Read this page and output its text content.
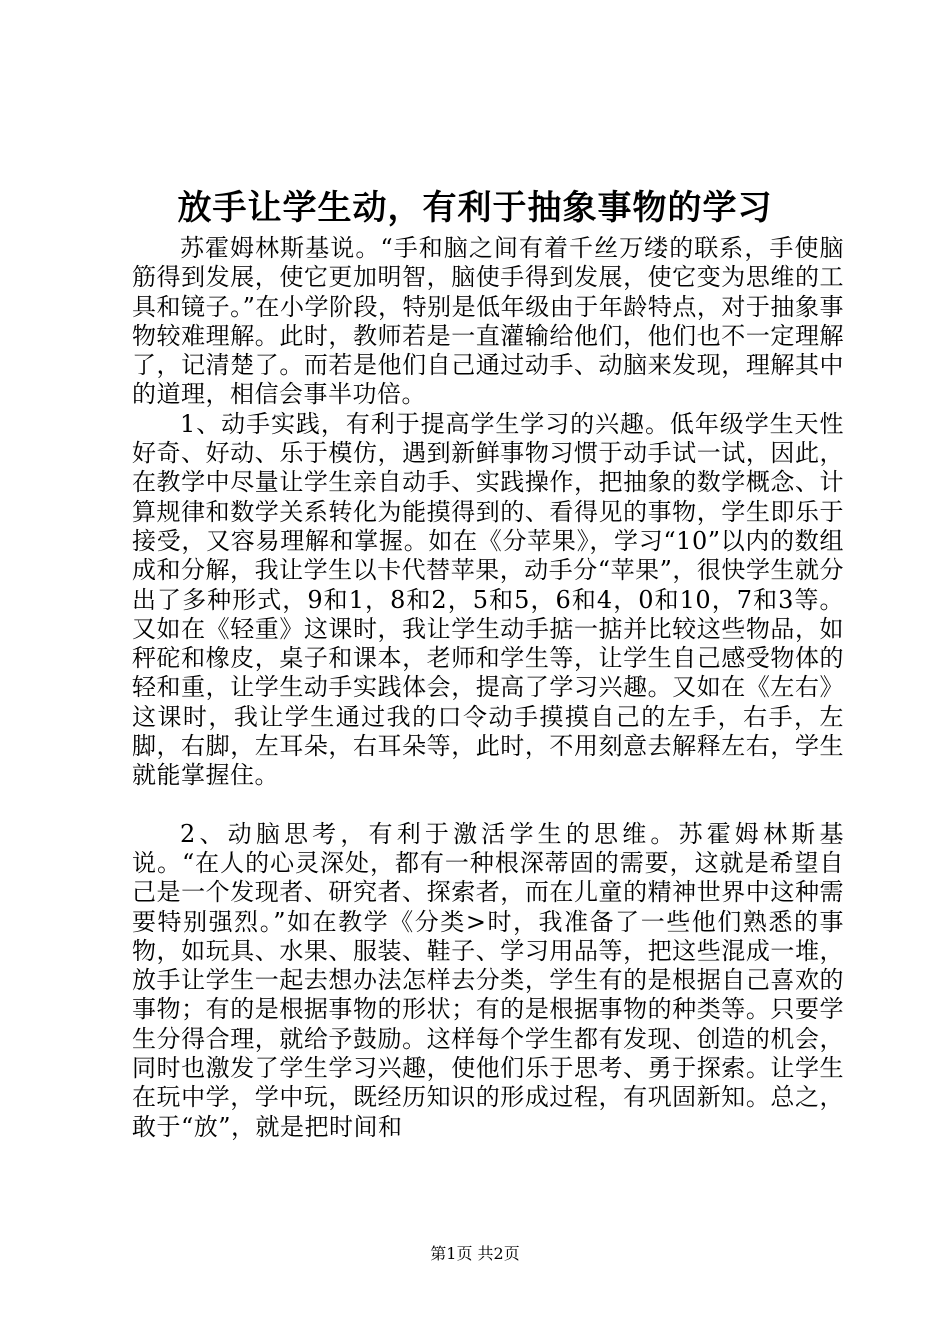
放手让学生动，有利于抽象事物的学习

苏霍姆林斯基说。“手和脑之间有着千丝万缕的联系，手使脑筋得到发展，使它更加明智，脑使手得到发展，使它变为思维的工具和镜子。”在小学阶段，特别是低年级由于年龄特点，对于抽象事物较难理解。此时，教师若是一直灌输给他们，他们也不一定理解了，记清楚了。而若是他们自己通过动手、动脑来发现，理解其中的道理，相信会事半功倍。

1、动手实践，有利于提高学生学习的兴趣。低年级学生天性好奇、好动、乐于模仿，遇到新鲜事物习惯于动手试一试，因此，在教学中尽量让学生亲自动手、实践操作，把抽象的数学概念、计算规律和数学关系转化为能摸得到的、看得见的事物，学生即乐于接受，又容易理解和掌握。如在《分苹果》，学习“10”以内的数组成和分解，我让学生以卡代替苹果，动手分“苹果”，很快学生就分出了多种形式，9和1，8和2，5和5，6和4，0和10，7和3等。又如在《轻重》这课时，我让学生动手掂一掂并比较这些物品，如秤砣和橡皮，桌子和课本，老师和学生等，让学生自己感受物体的轻和重，让学生动手实践体会，提高了学习兴趣。又如在《左右》这课时，我让学生通过我的口令动手摸摸自己的左手，右手，左脚，右脚，左耳朵，右耳朵等，此时，不用刻意去解释左右，学生就能掌握住。

2、动脑思考，有利于激活学生的思维。苏霍姆林斯基说。“在人的心灵深处，都有一种根深蒂固的需要，这就是希望自己是一个发现者、研究者、探索者，而在儿童的精神世界中这种需要特别强烈。”如在教学《分类>时，我准备了一些他们熟悉的事物，如玩具、水果、服装、鞋子、学习用品等，把这些混成一堆，放手让学生一起去想办法怎样去分类，学生有的是根据自己喜欢的事物；有的是根据事物的形状；有的是根据事物的种类等。只要学生分得合理，就给予鼓励。这样每个学生都有发现、创造的机会，同时也激发了学生学习兴趣，使他们乐于思考、勇于探索。让学生在玩中学，学中玩，既经历知识的形成过程，有巩固新知。总之，敢于“放”，就是把时间和

第1页 共2页
